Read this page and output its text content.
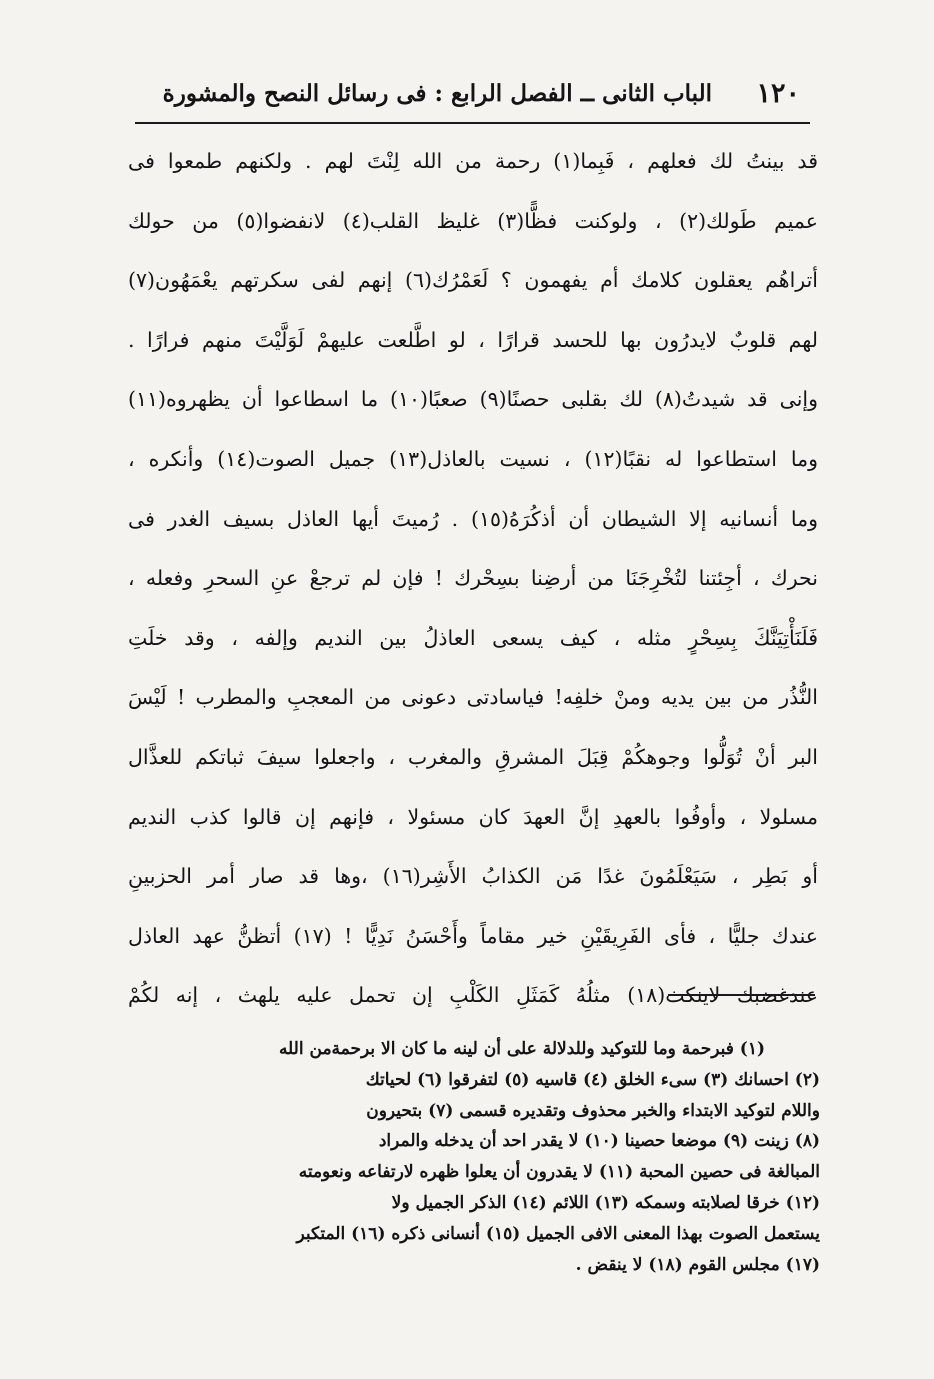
١٢٠
الباب الثانى ــ الفصل الرابع : فى رسائل النصح والمشورة
قد بينتُ لك فعلهم ، فَبِما(١) رحمة من الله لِنْتَ لهم . ولكنهم طمعوا فى
عميم طَولك(٢) ، ولوكنت فظًّا(٣) غليظ القلب(٤) لانفضوا(٥) من حولك
أتراهُم يعقلون كلامك أم يفهمون ؟ لَعَمْرُك(٦) إنهم لفى سكرتهم يعْمَهُون(٧)
لهم قلوبٌ لايدرُون بها للحسد قرارًا ، لو اطَّلعت عليهمْ لَوَلَّيْتَ منهم فرارًا .
وإنى قد شيدتُ(٨) لك بقلبى حصنًا(٩) صعبًا(١٠) ما اسطاعوا أن يظهروه(١١)
وما استطاعوا له نقبًا(١٢) ، نسيت بالعاذل(١٣) جميل الصوت(١٤) وأنكره ،
وما أنسانيه إلا الشيطان أن أذكُرَهُ(١٥) . رُميتَ أيها العاذل بسيف الغدر فى
نحرك ، أجِئتنا لتُخْرِجَنَا من أرضِنا بسِحْرك ! فإن لم ترجعْ عنِ السحرِ وفعله ،
فَلَنَأْتِيَنَّكَ بِسِحْرٍ مثله ، كيف يسعى العاذلُ بين النديم وإلفه ، وقد خلَتِ
النُّذُر من بين يديه ومنْ خلفِه! فياسادتى دعونى من المعجبِ والمطرب ! لَيْسَ
البر أنْ تُوَلُّوا وجوهكُمْ قِبَلَ المشرقِ والمغرب ، واجعلوا سيفَ ثباتكم للعذَّال
مسلولا ، وأوفُوا بالعهدِ إنَّ العهدَ كان مسئولا ، فإنهم إن قالوا كذب النديم
أو بَطِر ، سَيَعْلَمُونَ غدًا مَن الكذابُ الأَشِر(١٦) ،وها قد صار أمر الحزبينِ
عندك جليًّا ، فأى الفَرِيقَيْنِ خير مقاماً وأَحْسَنُ نَدِيًّا ! (١٧) أتظنُّ عهد العاذل
عندغضبك لاينكث(١٨) مثلُهُ كَمَثَلِ الكَلْبِ إن تحمل عليه يلهث ، إنه لكُمْ
(١) فبرحمة وما للتوكيد وللدلالة على أن لينه ما كان الا برحمةمن الله
(٢) احسانك (٣) سىء الخلق (٤) قاسيه (٥) لتفرقوا (٦) لحياتك
واللام لتوكيد الابتداء والخبر محذوف وتقديره قسمى (٧) بتحيرون
(٨) زينت (٩) موضعا حصينا (١٠) لا يقدر احد أن يدخله والمراد
المبالغة فى حصين المحبة (١١) لا يقدرون أن يعلوا ظهره لارتفاعه ونعومته
(١٢) خرقا لصلابته وسمكه (١٣) اللائم (١٤) الذكر الجميل ولا
يستعمل الصوت بهذا المعنى الافى الجميل (١٥) أنسانى ذكره (١٦) المتكبر
(١٧) مجلس القوم (١٨) لا ينقض .
